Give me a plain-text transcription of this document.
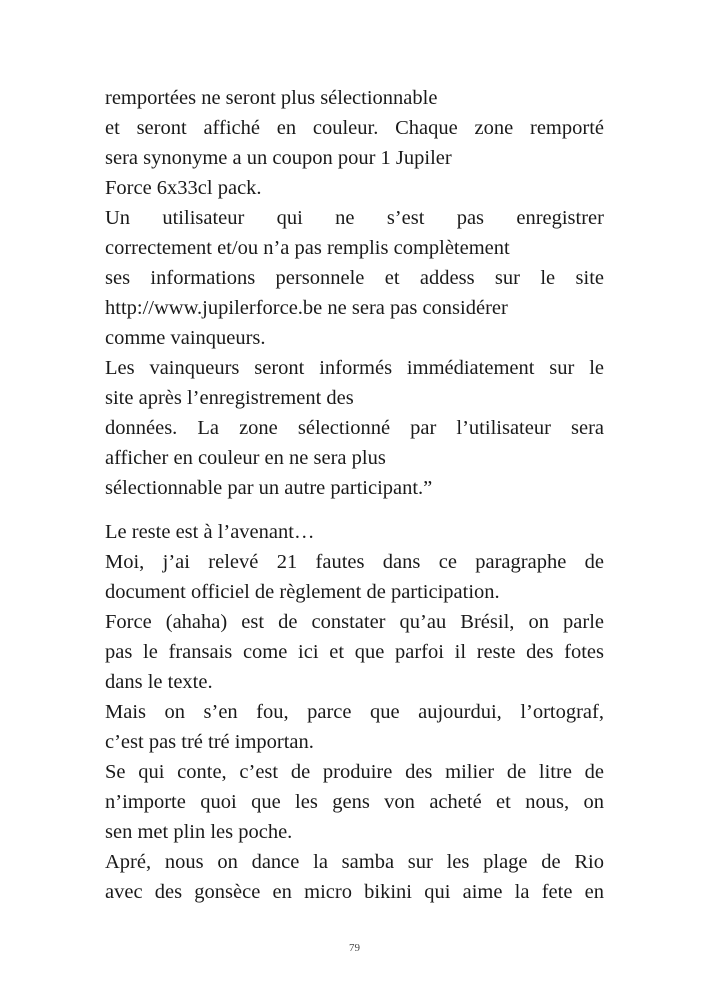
remportées ne seront plus sélectionnable
et seront affiché en couleur. Chaque zone remporté
sera synonyme a un coupon pour 1 Jupiler
Force 6x33cl pack.
Un utilisateur qui ne s’est pas enregistrer
correctement et/ou n’a pas remplis complètement
ses informations personnele et addess sur le site
http://www.jupilerforce.be ne sera pas considérer
comme vainqueurs.
Les vainqueurs seront informés immédiatement sur le
site après l’enregistrement des
données. La zone sélectionné par l’utilisateur sera
afficher en couleur en ne sera plus
sélectionnable par un autre participant.”
Le reste est à l’avenant…
Moi, j’ai relevé 21 fautes dans ce paragraphe de
document officiel de règlement de participation.
Force (ahaha) est de constater qu’au Brésil, on parle
pas le fransais come ici et que parfoi il reste des fotes
dans le texte.
Mais on s’en fou, parce que aujourdui, l’ortograf,
c’est pas tré tré importan.
Se qui conte, c’est de produire des milier de litre de
n’importe quoi que les gens von acheté et nous, on
sen met plin les poche.
Apré, nous on dance la samba sur les plage de Rio
avec des gonsèce en micro bikini qui aime la fete en
79
